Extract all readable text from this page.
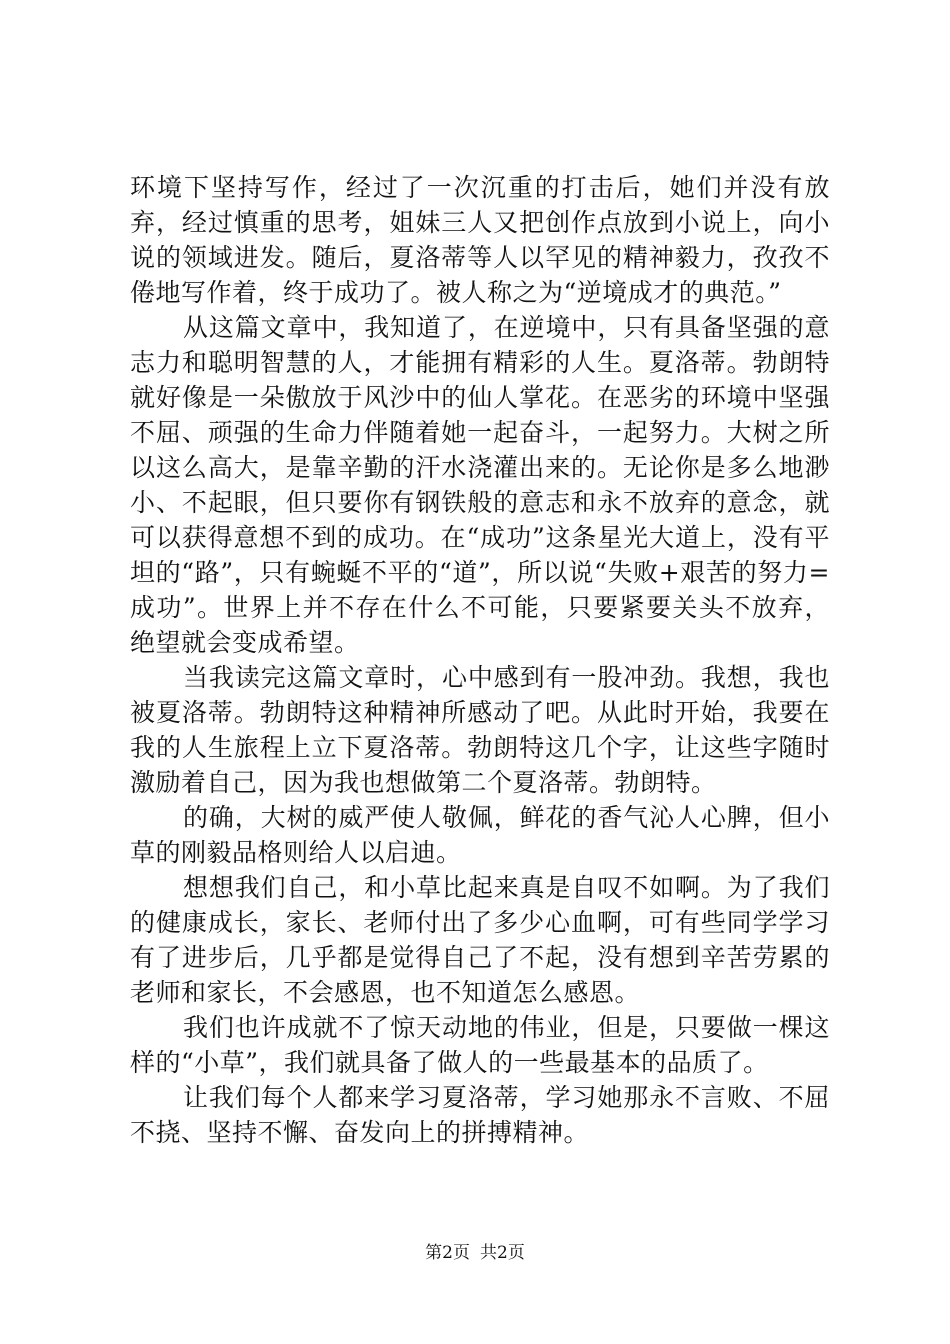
环境下坚持写作，经过了一次沉重的打击后，她们并没有放弃，经过慎重的思考，姐妹三人又把创作点放到小说上，向小说的领域进发。随后，夏洛蒂等人以罕见的精神毅力，孜孜不倦地写作着，终于成功了。被人称之为“逆境成才的典范。”

从这篇文章中，我知道了，在逆境中，只有具备坚强的意志力和聪明智慧的人，才能拥有精彩的人生。夏洛蒂。勃朗特就好像是一朵傲放于风沙中的仙人掌花。在恶劣的环境中坚强不屈、顽强的生命力伴随着她一起奋斗，一起努力。大树之所以这么高大，是靠辛勤的汗水浇灌出来的。无论你是多么地渺小、不起眼，但只要你有钢铁般的意志和永不放弃的意念，就可以获得意想不到的成功。在“成功”这条星光大道上，没有平坦的“路”，只有蜿蜒不平的“道”，所以说“失败+艰苦的努力=成功”。世界上并不存在什么不可能，只要紧要关头不放弃，绝望就会变成希望。

当我读完这篇文章时，心中感到有一股冲劲。我想，我也被夏洛蒂。勃朗特这种精神所感动了吧。从此时开始，我要在我的人生旅程上立下夏洛蒂。勃朗特这几个字，让这些字随时激励着自己，因为我也想做第二个夏洛蒂。勃朗特。

的确，大树的威严使人敬佩，鲜花的香气沁人心脾，但小草的刚毅品格则给人以启迪。

想想我们自己，和小草比起来真是自叹不如啊。为了我们的健康成长，家长、老师付出了多少心血啊，可有些同学学习有了进步后，几乎都是觉得自己了不起，没有想到辛苦劳累的老师和家长，不会感恩，也不知道怎么感恩。

我们也许成就不了惊天动地的伟业，但是，只要做一棵这样的“小草”，我们就具备了做人的一些最基本的品质了。

让我们每个人都来学习夏洛蒂，学习她那永不言败、不屈不挠、坚持不懈、奋发向上的拼搏精神。

第2页 共2页
